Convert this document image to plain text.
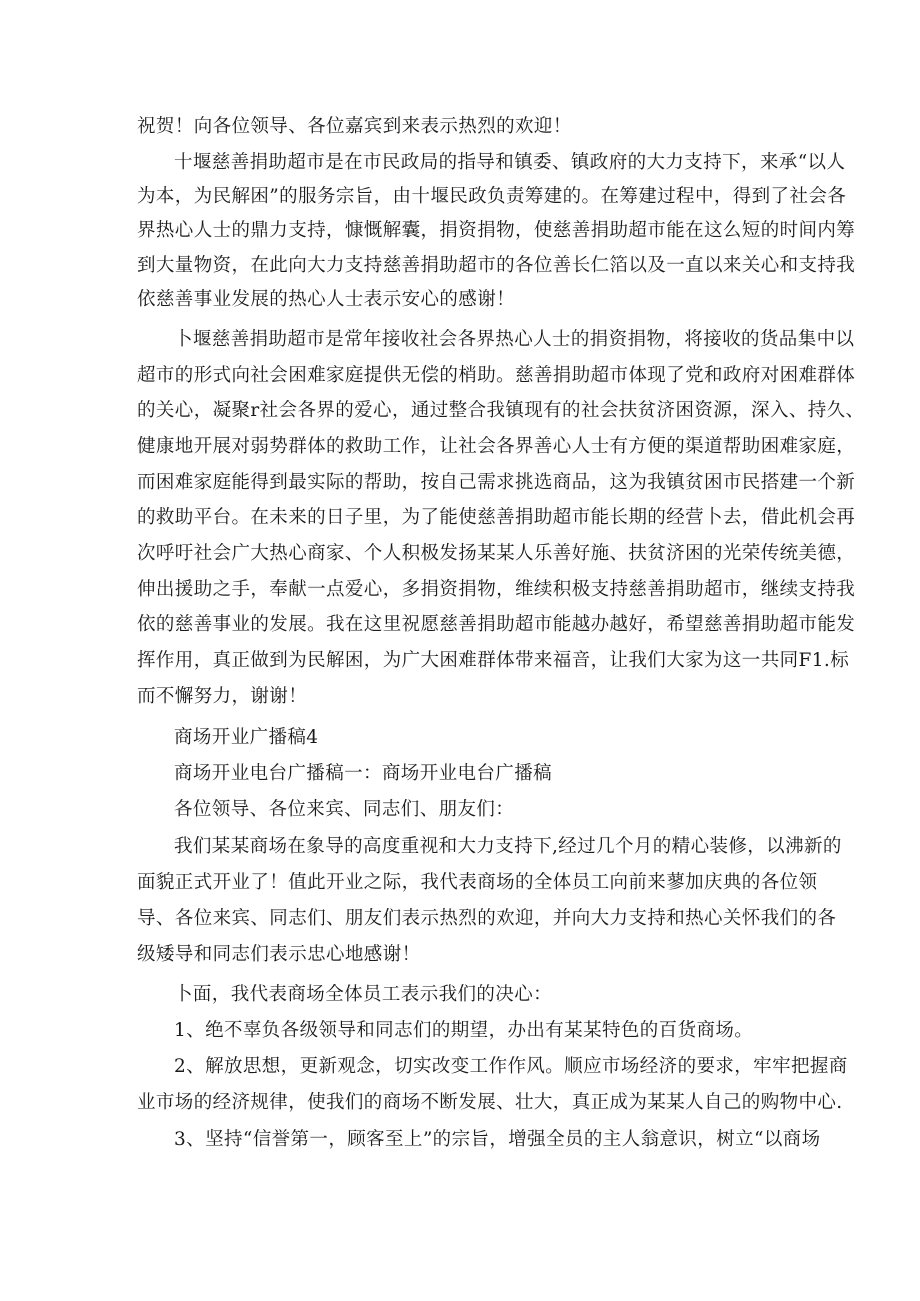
祝贺！向各位领导、各位嘉宾到来表示热烈的欢迎！
十堰慈善捐助超市是在市民政局的指导和镇委、镇政府的大力支持下，来承“以人
为本，为民解困”的服务宗旨，由十堰民政负责筹建的。在筹建过程中，得到了社会各
界热心人士的鼎力支持，慷慨解囊，捐资捐物，使慈善捐助超市能在这么短的时间内筹
到大量物资，在此向大力支持慈善捐助超市的各位善长仁箔以及一直以来关心和支持我
依慈善事业发展的热心人士表示安心的感谢！
卜堰慈善捐助超市是常年接收社会各界热心人士的捐资捐物，将接收的货品集中以
超市的形式向社会困难家庭提供无偿的梢助。慈善捐助超市体现了党和政府对困难群体
的关心，凝聚r社会各界的爱心，通过整合我镇现有的社会扶贫济困资源，深入、持久、
健康地开展对弱势群体的救助工作，让社会各界善心人士有方便的渠道帮助困难家庭，
而困难家庭能得到最实际的帮助，按自己需求挑选商品，这为我镇贫困市民搭建一个新
的救助平台。在未来的日子里，为了能使慈善捐助超市能长期的经营卜去，借此机会再
次呼吁社会广大热心商家、个人积极发扬某某人乐善好施、扶贫济困的光荣传统美德，
伸出援助之手，奉献一点爱心，多捐资捐物，维续积极支持慈善捐助超市，继续支持我
依的慈善事业的发展。我在这里祝愿慈善捐助超市能越办越好，希望慈善捐助超市能发
挥作用，真正做到为民解困，为广大困难群体带来福音，让我们大家为这一共同F1.标
而不懈努力，谢谢！
商场开业广播稿4
商场开业电台广播稿一：商场开业电台广播稿
各位领导、各位来宾、同志们、朋友们：
我们某某商场在象导的高度重视和大力支持下,经过几个月的精心装修，以沸新的
面貌正式开业了！值此开业之际，我代表商场的全体员工向前来蓼加庆典的各位领
导、各位来宾、同志们、朋友们表示热烈的欢迎，并向大力支持和热心关怀我们的各
级矮导和同志们表示忠心地感谢！
卜面，我代表商场全体员工表示我们的决心：
1、绝不辜负各级领导和同志们的期望，办出有某某特色的百货商场。
2、解放思想，更新观念，切实改变工作作风。顺应市场经济的要求，牢牢把握商
业市场的经济规律，使我们的商场不断发展、壮大，真正成为某某人自己的购物中心.
3、坚持“信誉第一，顾客至上”的宗旨，增强全员的主人翁意识，树立“以商场
